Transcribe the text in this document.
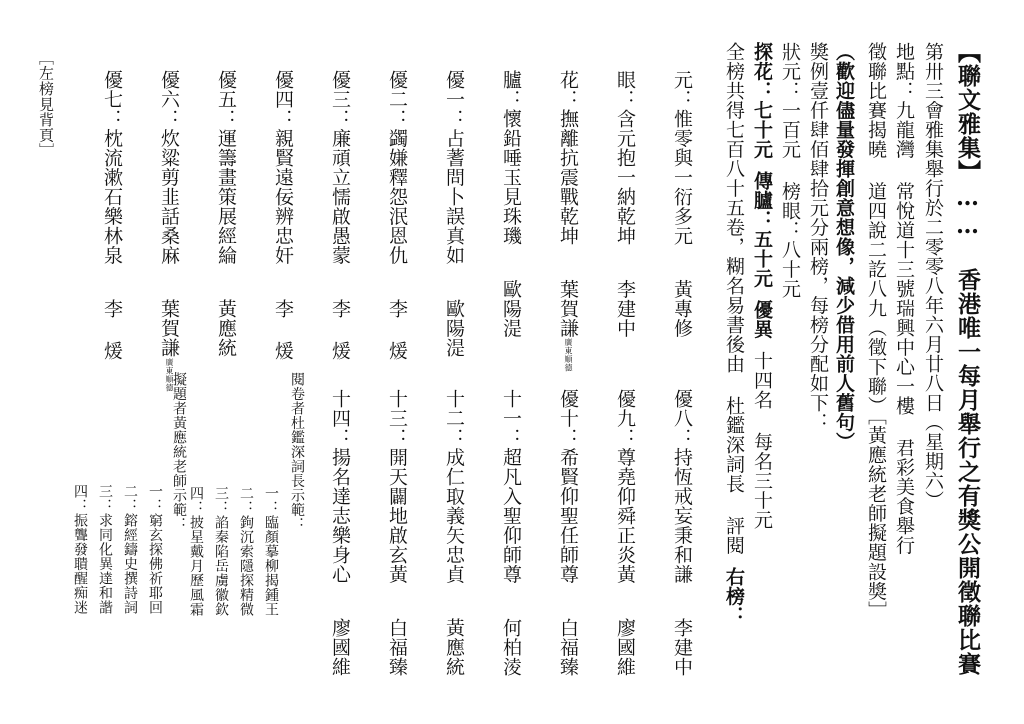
【聯文雅集】…… 香港唯一每月舉行之有獎公開徵聯比賽
第卅三會雅集舉行於二零零八年六月廿八日（星期六）
地點：九龍灣 常悅道十三號瑞興中心一樓 君彩美食舉行
徵聯比賽揭曉 道四說二訖八九（徵下聯）［黃應統老師擬題設獎］
獎例壹仟肆佰肆拾元分兩榜，每榜分配如下： （歡迎儘量發揮創意想像，減少借用前人舊句）
狀元：一百元 榜眼：八十元
探花：七十元傳臚：五十元優異十四名 每名三十元
全榜共得七百八十五卷，糊名易書後由 杜鑑深詞長 評閱右榜：
元：惟零與一衍多元黃專修
眼：含元抱一納乾坤李建中
花：撫離抗震戰乾坤葉賀謙廣東順德
臚：懷鉛唾玉見珠璣歐陽湜
優一：占蓍問卜誤真如歐陽湜
優二：蠲嫌釋怨泯恩仇李 煖
優三：廉頑立懦啟愚蒙李 煖
優四：親賢遠佞辨忠奸李 煖
優五：運籌畫策展經綸黃應統
優六：炊粱剪韭話桑麻葉賀謙廣東順德
優七：枕流漱石樂林泉李 煖
優八：持恆戒妄秉和謙李建中
優九：尊堯仰舜正炎黃廖國維
優十：希賢仰聖任師尊白福臻
十一：超凡入聖仰師尊何柏淩
十二：成仁取義矢忠貞黃應統
十三：開天闢地啟玄黃白福臻
十四：揚名達志樂身心廖國維
閱卷者杜鑑深詞長示範：
一：臨顏摹柳揭鍾王
二：鉤沉索隱探精微
三：諂秦陷岳虜徽欽
四：披星戴月歷風霜
擬題者黃應統老師示範：
一：窮玄探佛祈耶回
二：鎔經鑄史撰詩詞
三：求同化異達和諧
四：振聾發聵醒痴迷
［左榜見背頁］
